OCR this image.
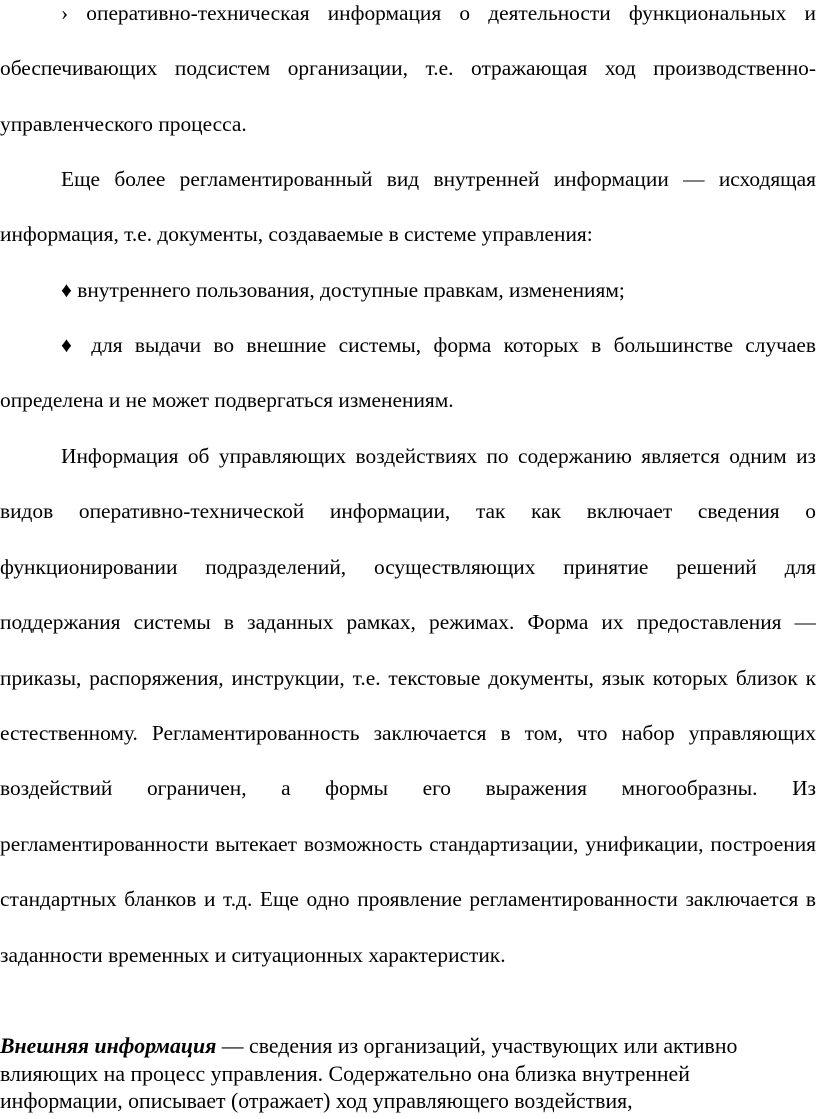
› оперативно-техническая информация о деятельности функциональных и обеспечивающих подсистем организации, т.е. отражающая ход производственно-управленческого процесса.

Еще более регламентированный вид внутренней информации — исходящая информация, т.е. документы, создаваемые в системе управления:

♦ внутреннего пользования, доступные правкам, изменениям;

♦ для выдачи во внешние системы, форма которых в большинстве случаев определена и не может подвергаться изменениям.

Информация об управляющих воздействиях по содержанию является одним из видов оперативно-технической информации, так как включает сведения о функционировании подразделений, осуществляющих принятие решений для поддержания системы в заданных рамках, режимах. Форма их предоставления — приказы, распоряжения, инструкции, т.е. текстовые документы, язык которых близок к естественному. Регламентированность заключается в том, что набор управляющих воздействий ограничен, а формы его выражения многообразны. Из регламентированности вытекает возможность стандартизации, унификации, построения стандартных бланков и т.д. Еще одно проявление регламентированности заключается в заданности временных и ситуационных характеристик.

Внешняя информация — сведения из организаций, участвующих или активно влияющих на процесс управления. Содержательно она близка внутренней информации, описывает (отражает) ход управляющего воздействия,
